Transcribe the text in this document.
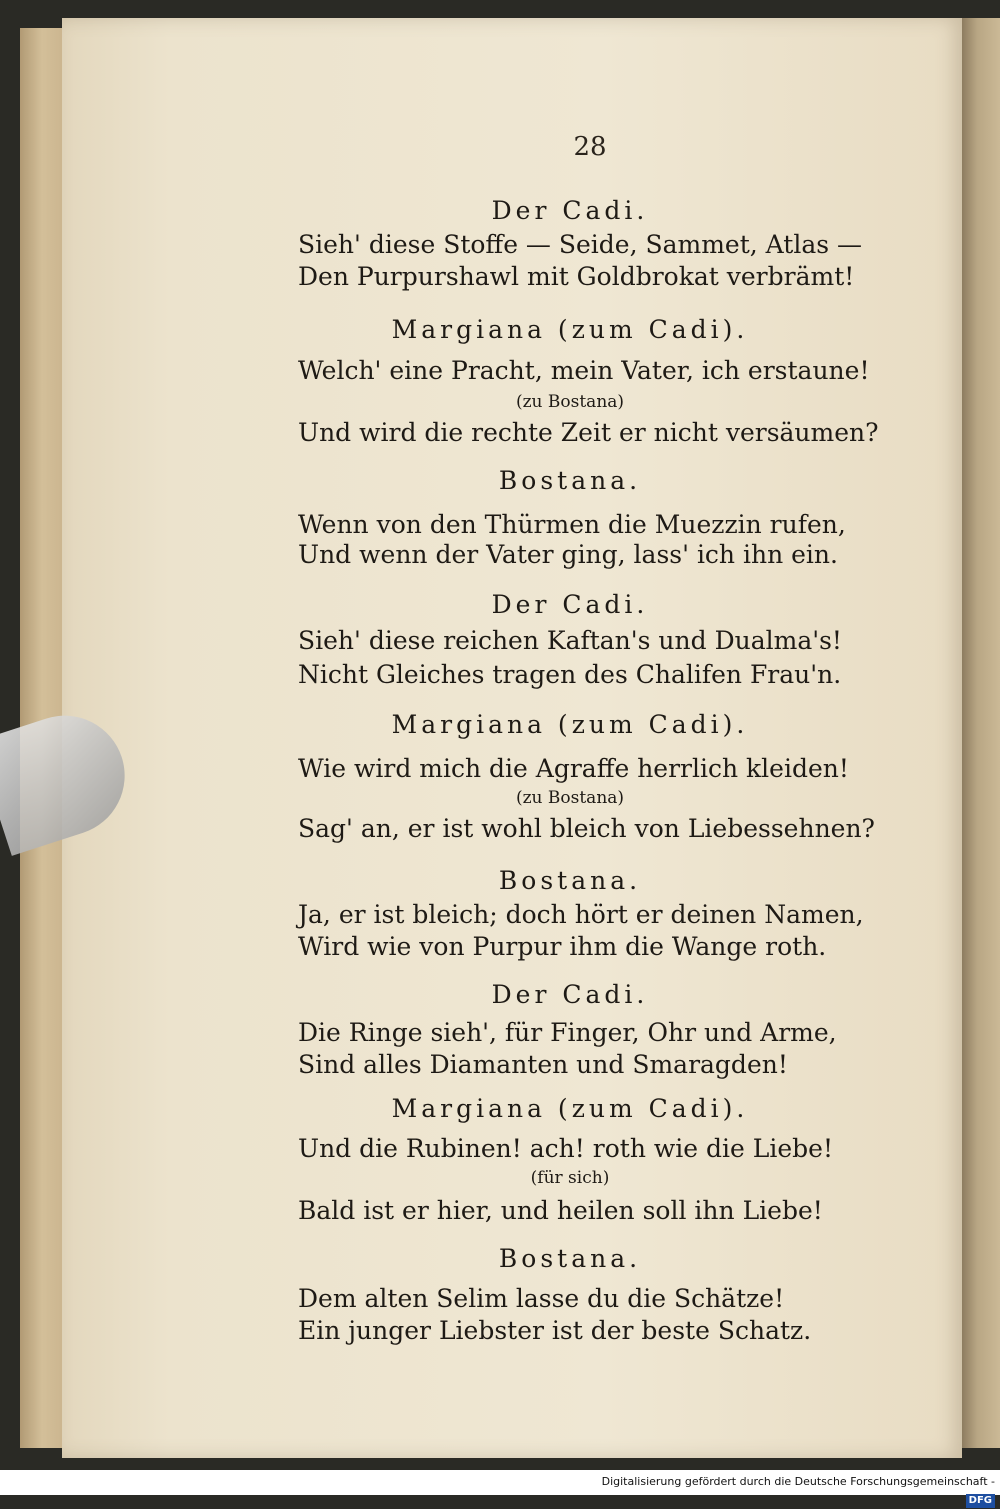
28
Der Cadi.
Sieh' diese Stoffe — Seide, Sammet, Atlas —
Den Purpurshawl mit Goldbrokat verbrämt!
Margiana (zum Cadi).
Welch' eine Pracht, mein Vater, ich erstaune!
(zu Bostana)
Und wird die rechte Zeit er nicht versäumen?
Bostana.
Wenn von den Thürmen die Muezzin rufen,
Und wenn der Vater ging, lass' ich ihn ein.
Der Cadi.
Sieh' diese reichen Kaftan's und Dualma's!
Nicht Gleiches tragen des Chalifen Frau'n.
Margiana (zum Cadi).
Wie wird mich die Agraffe herrlich kleiden!
(zu Bostana)
Sag' an, er ist wohl bleich von Liebessehnen?
Bostana.
Ja, er ist bleich; doch hört er deinen Namen,
Wird wie von Purpur ihm die Wange roth.
Der Cadi.
Die Ringe sieh', für Finger, Ohr und Arme,
Sind alles Diamanten und Smaragden!
Margiana (zum Cadi).
Und die Rubinen! ach! roth wie die Liebe!
(für sich)
Bald ist er hier, und heilen soll ihn Liebe!
Bostana.
Dem alten Selim lasse du die Schätze!
Ein junger Liebster ist der beste Schatz.
Digitalisierung gefördert durch die Deutsche Forschungsgemeinschaft -DFG
